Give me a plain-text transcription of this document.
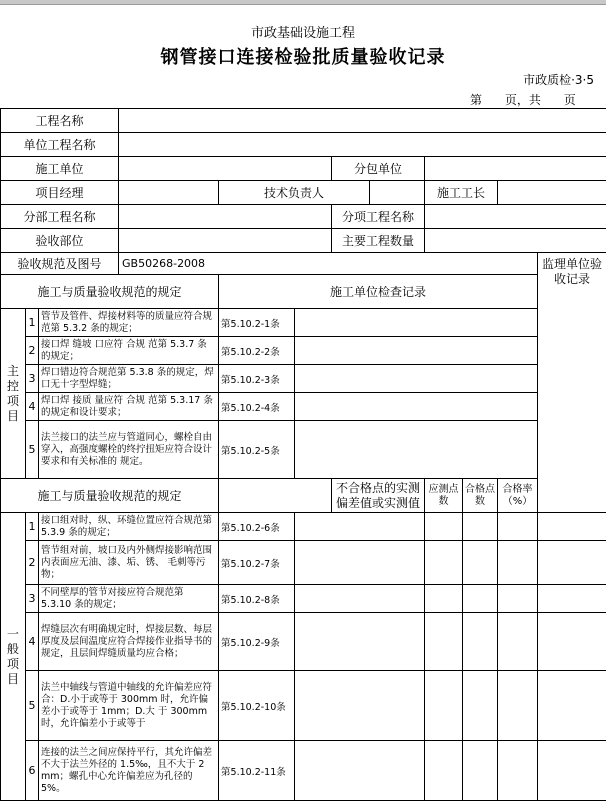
市政基础设施工程
钢管接口连接检验批质量验收记录
市政质检·3·5
第      页，共      页
工程名称												
单位工程名称												
施工单位						分包单位						
项目经理				技术负责人				施工工长				
分部工程名称						分项工程名称						
验收部位						主要工程数量						
验收规范及图号			GB50268-2008								监理单位验收记录	

施工与质量验收规范的规定				施工单位检查记录								
主控项目	1	管节及管件、焊接材料等的质量应符合规范第 5.3.2 条的规定；		第5.10.2-1条								
	2	接口焊 缝坡 口应符 合规 范第 5.3.7 条的规定；		第5.10.2-2条								
	3	焊口错边符合规范第 5.3.8 条的规定，焊口无十字型焊缝；		第5.10.2-3条								
	4	焊口焊 接质 量应符 合规 范第 5.3.17 条的规定和设计要求；		第5.10.2-4条								
	5	法兰接口的法兰应与管道同心，螺栓自由穿入，高强度螺栓的终拧扭矩应符合设计要求和有关标准的 规定。		第5.10.2-5条								
施工与质量验收规范的规定						不合格点的实测偏差值或实测值		应测点数	合格点数	合格率（%）		
一般项目	1	接口组对时，纵、环缝位置应符合规范第 5.3.9 条的规定；		第5.10.2-6条								
	2	管节组对前，坡口及内外侧焊接影响范围内表面应无油、漆、垢、锈、 毛刺等污物；		第5.10.2-7条								
	3	不同壁厚的管节对接应符合规范第 5.3.10 条的规定；		第5.10.2-8条								
	4	焊缝层次有明确规定时，焊接层数、每层厚度及层间温度应符合焊接作业指导书的规定，且层间焊缝质量均应合格；		第5.10.2-9条								
	5	法兰中轴线与管道中轴线的允许偏差应符合：D.小于或等于 300mm 时，允许偏差小于或等于 1mm；D.大 于 300mm时，允许偏差小于或等于		第5.10.2-10条								
	6	连接的法兰之间应保持平行，其允许偏差不大于法兰外径的 1.5‰，且不大于 2 mm；螺孔中心允许偏差应为孔径的 5%。		第5.10.2-11条								
